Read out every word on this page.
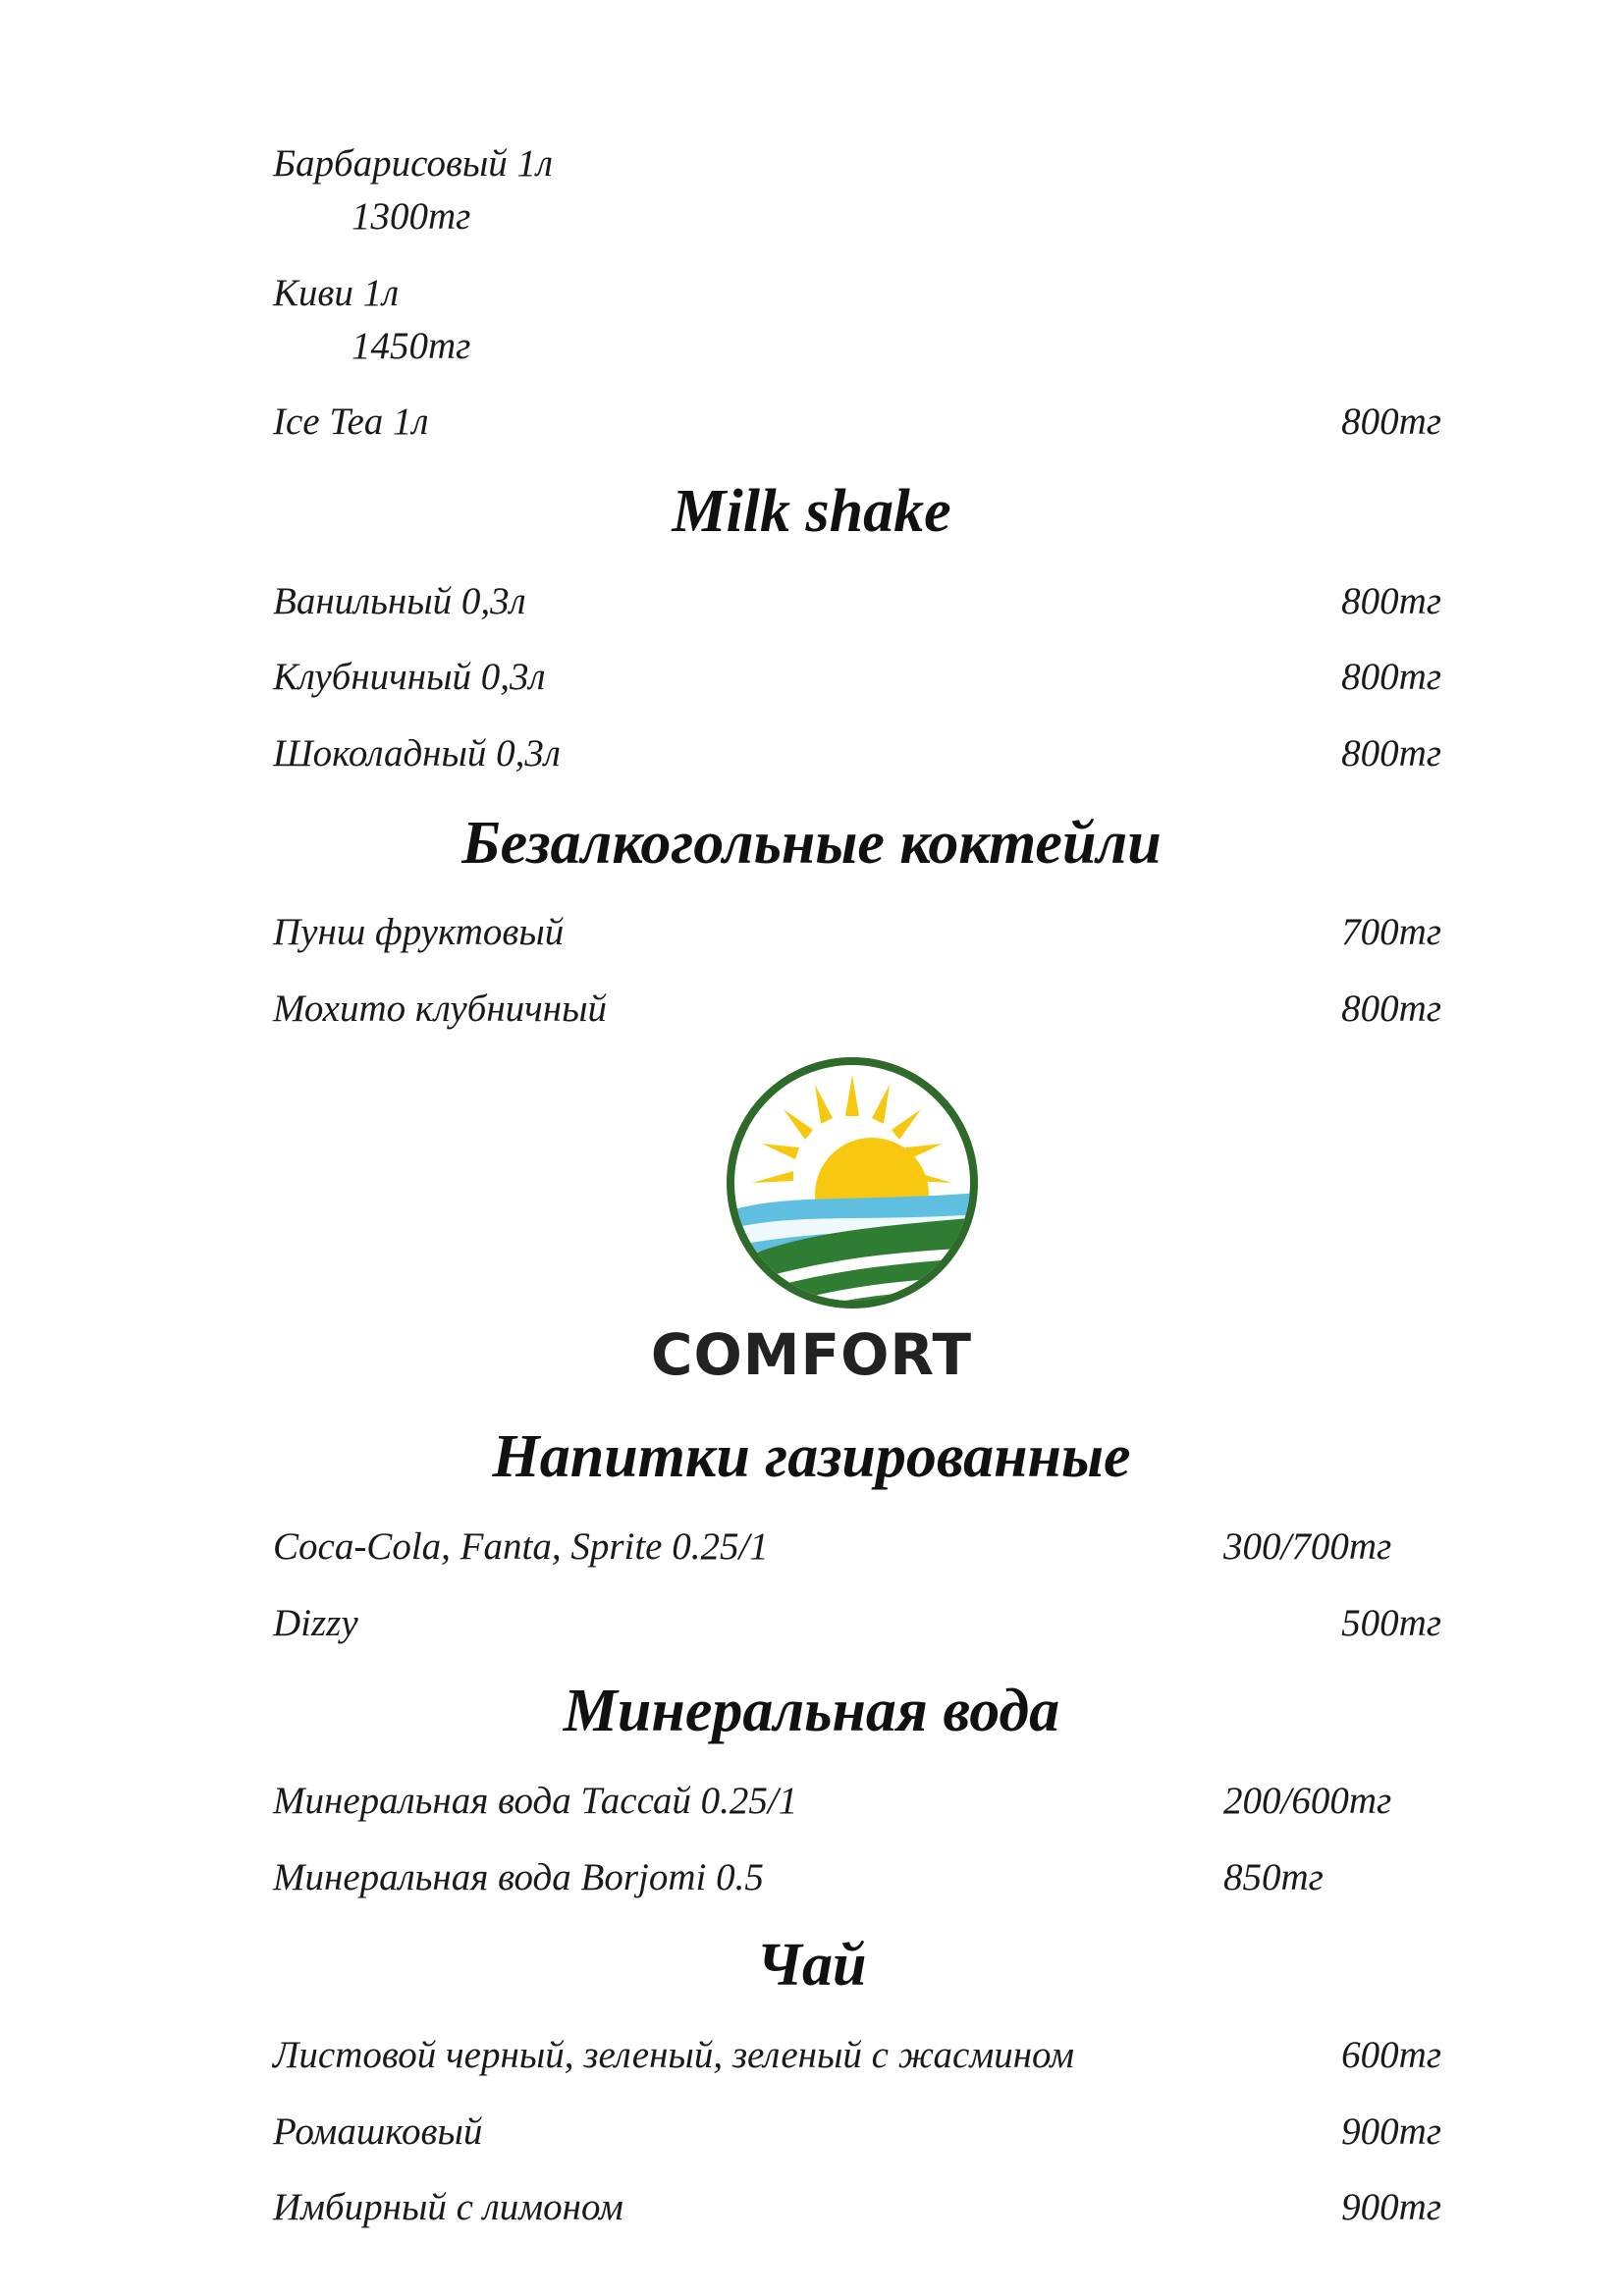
Барбарисовый 1л
1300тг
Киви 1л
1450тг
Ice Tea 1л	800тг
Milk shake
Ванильный 0,3л	800тг
Клубничный 0,3л	800тг
Шоколадный 0,3л	800тг
Безалкогольные коктейли
Пунш фруктовый	700тг
Мохито клубничный	800тг
COMFORT
Напитки газированные
Coca-Cola, Fanta, Sprite 0.25/1	300/700тг
Dizzy	500тг
Минеральная вода
Минеральная вода Тассай 0.25/1	200/600тг
Минеральная вода Borjomi 0.5	850тг
Чай
Листовой черный, зеленый, зеленый с жасмином	600тг
Ромашковый	900тг
Имбирный с лимоном	900тг
